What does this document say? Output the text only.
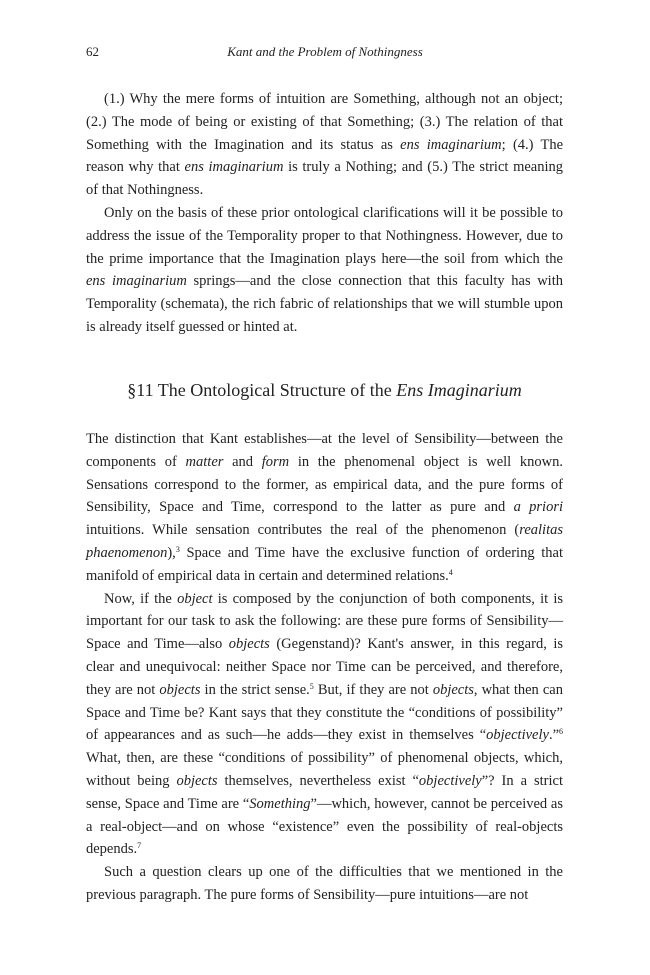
62	Kant and the Problem of Nothingness

(1.) Why the mere forms of intuition are Something, although not an object; (2.) The mode of being or existing of that Something; (3.) The relation of that Something with the Imagination and its status as ens imaginarium; (4.) The reason why that ens imaginarium is truly a Nothing; and (5.) The strict meaning of that Nothingness.

Only on the basis of these prior ontological clarifications will it be possible to address the issue of the Temporality proper to that Nothingness. However, due to the prime importance that the Imagination plays here—the soil from which the ens imaginarium springs—and the close connection that this faculty has with Temporality (schemata), the rich fabric of relationships that we will stumble upon is already itself guessed or hinted at.

§11 The Ontological Structure of the Ens Imaginarium

The distinction that Kant establishes—at the level of Sensibility—between the components of matter and form in the phenomenal object is well known. Sensations correspond to the former, as empirical data, and the pure forms of Sensibility, Space and Time, correspond to the latter as pure and a priori intuitions. While sensation contributes the real of the phenomenon (realitas phaenomenon),$^3$ Space and Time have the exclusive function of ordering that manifold of empirical data in certain and determined relations.$^4$

Now, if the object is composed by the conjunction of both components, it is important for our task to ask the following: are these pure forms of Sensibility—Space and Time—also objects (Gegenstand)? Kant's answer, in this regard, is clear and unequivocal: neither Space nor Time can be perceived, and therefore, they are not objects in the strict sense.$^5$ But, if they are not objects, what then can Space and Time be? Kant says that they constitute the “conditions of possibility” of appearances and as such—he adds—they exist in themselves “objectively.”$^6$ What, then, are these “conditions of possibility” of phenomenal objects, which, without being objects themselves, nevertheless exist “objectively”? In a strict sense, Space and Time are “Something”—which, however, cannot be perceived as a real-object—and on whose “existence” even the possibility of real-objects depends.$^7$

Such a question clears up one of the difficulties that we mentioned in the previous paragraph. The pure forms of Sensibility—pure intuitions—are not
